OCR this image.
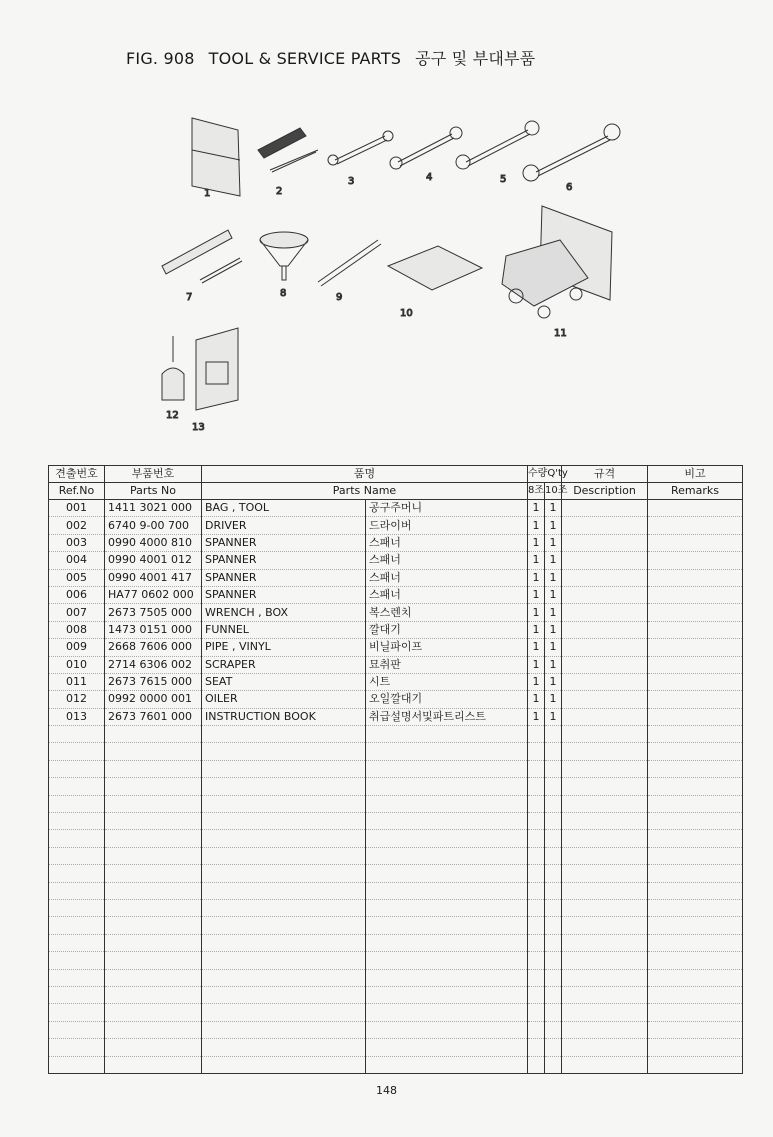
FIG. 908 TOOL & SERVICE PARTS 공구 및 부대부품
1	2
3	4	5
6
7	8	9
10
11
12
13
견출번호	부품번호	품명		수량Q'ty		규격	비고
Ref.No	Parts No	Parts Name		8조	10조	Description	Remarks
001	1411 3021 000	BAG , TOOL	공구주머니	1	1		
002	6740 9-00 700	DRIVER	드라이버	1	1		
003	0990 4000 810	SPANNER	스패너	1	1		
004	0990 4001 012	SPANNER	스패너	1	1		
005	0990 4001 417	SPANNER	스패너	1	1		
006	HA77 0602 000	SPANNER	스패너	1	1		
007	2673 7505 000	WRENCH , BOX	복스렌치	1	1		
008	1473 0151 000	FUNNEL	깔대기	1	1		
009	2668 7606 000	PIPE , VINYL	비닐파이프	1	1		
010	2714 6306 002	SCRAPER	묘취판	1	1		
011	2673 7615 000	SEAT	시트	1	1		
012	0992 0000 001	OILER	오일깔대기	1	1		
013	2673 7601 000	INSTRUCTION BOOK	취급설명서및파트리스트	1	1		

148
